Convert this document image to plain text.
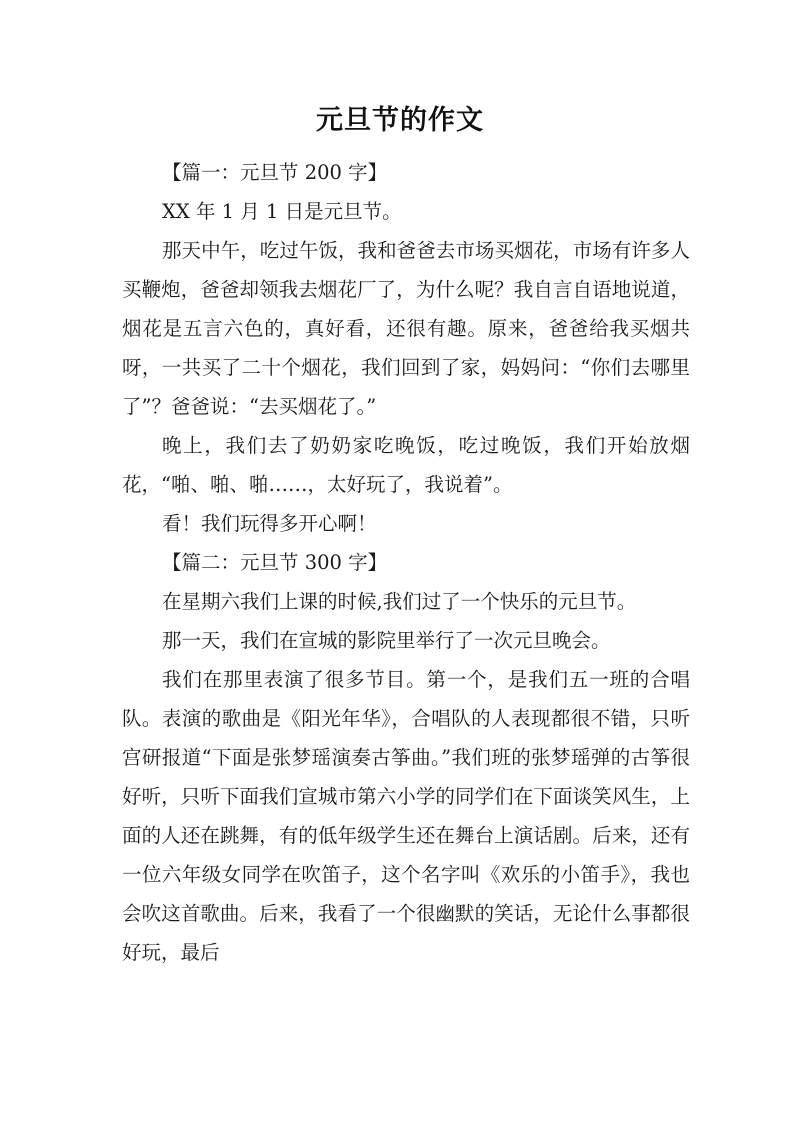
元旦节的作文

【篇一：元旦节 200 字】

XX 年 1 月 1 日是元旦节。

那天中午，吃过午饭，我和爸爸去市场买烟花，市场有许多人买鞭炮，爸爸却领我去烟花厂了，为什么呢？我自言自语地说道，烟花是五言六色的，真好看，还很有趣。原来，爸爸给我买烟共呀，一共买了二十个烟花，我们回到了家，妈妈问：“你们去哪里了”？爸爸说：“去买烟花了。”

晚上，我们去了奶奶家吃晚饭，吃过晚饭，我们开始放烟花，“啪、啪、啪……，太好玩了，我说着”。

看！我们玩得多开心啊！

【篇二：元旦节 300 字】

在星期六我们上课的时候,我们过了一个快乐的元旦节。

那一天，我们在宣城的影院里举行了一次元旦晚会。

我们在那里表演了很多节目。第一个，是我们五一班的合唱队。表演的歌曲是《阳光年华》，合唱队的人表现都很不错，只听宫研报道“下面是张梦瑶演奏古筝曲。”我们班的张梦瑶弹的古筝很好听，只听下面我们宣城市第六小学的同学们在下面谈笑风生，上面的人还在跳舞，有的低年级学生还在舞台上演话剧。后来，还有一位六年级女同学在吹笛子，这个名字叫《欢乐的小笛手》，我也会吹这首歌曲。后来，我看了一个很幽默的笑话，无论什么事都很好玩，最后
